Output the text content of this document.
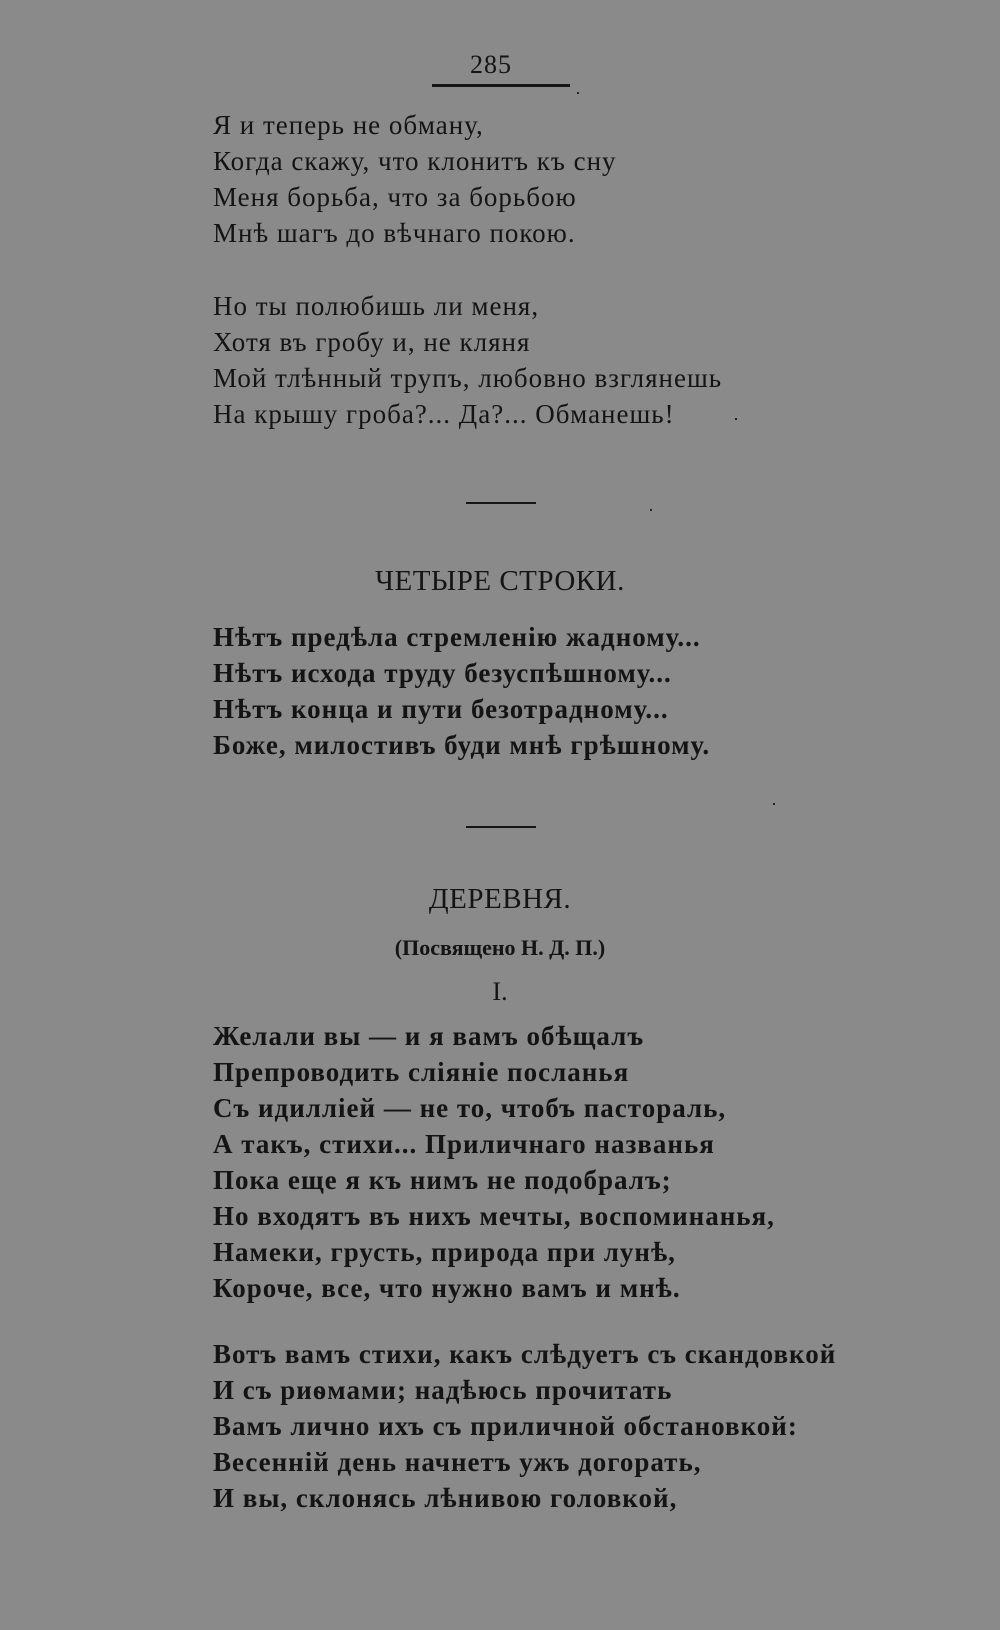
285
Я и теперь не обману,
Когда скажу, что клонитъ къ сну
Меня борьба, что за борьбою
Мнѣ шагъ до вѣчнаго покою.
Но ты полюбишь ли меня,
Хотя въ гробу и, не кляня
Мой тлѣнный трупъ, любовно взглянешь
На крышу гроба?... Да?... Обманешь!
ЧЕТЫРЕ СТРОКИ.
Нѣтъ предѣла стремленію жадному...
Нѣтъ исхода труду безуспѣшному...
Нѣтъ конца и пути безотрадному...
Боже, милостивъ буди мнѣ грѣшному.
ДЕРЕВНЯ.
(Посвящено Н. Д. П.)
I.
Желали вы — и я вамъ обѣщалъ
Препроводить сліяніе посланья
Съ идилліей — не то, чтобъ пастораль,
А такъ, стихи... Приличнаго названья
Пока еще я къ нимъ не подобралъ;
Но входятъ въ нихъ мечты, воспоминанья,
Намеки, грусть, природа при лунѣ,
Короче, все, что нужно вамъ и мнѣ.
Вотъ вамъ стихи, какъ слѣдуетъ съ скандовкой
И съ риѳмами; надѣюсь прочитать
Вамъ лично ихъ съ приличной обстановкой:
Весенній день начнетъ ужъ догорать,
И вы, склонясь лѣнивою головкой,
